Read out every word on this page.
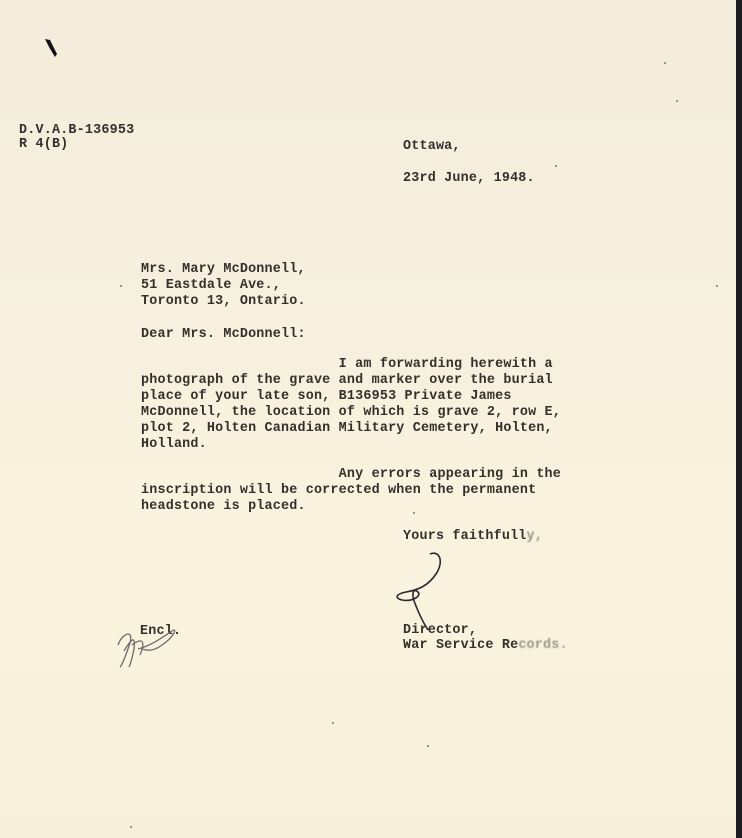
D.V.A.B-136953
R 4(B)	Ottawa,
23rd June, 1948.
Mrs. Mary McDonnell,
51 Eastdale Ave.,
Toronto 13, Ontario.
Dear Mrs. McDonnell:
I am forwarding herewith a
photograph of the grave and marker over the burial
place of your late son, B136953 Private James
McDonnell, the location of which is grave 2, row E,
plot 2, Holten Canadian Military Cemetery, Holten,
Holland.
Any errors appearing in the
inscription will be corrected when the permanent
headstone is placed.
Yours faithfully,
Director,
War Service Records.
Encl.
